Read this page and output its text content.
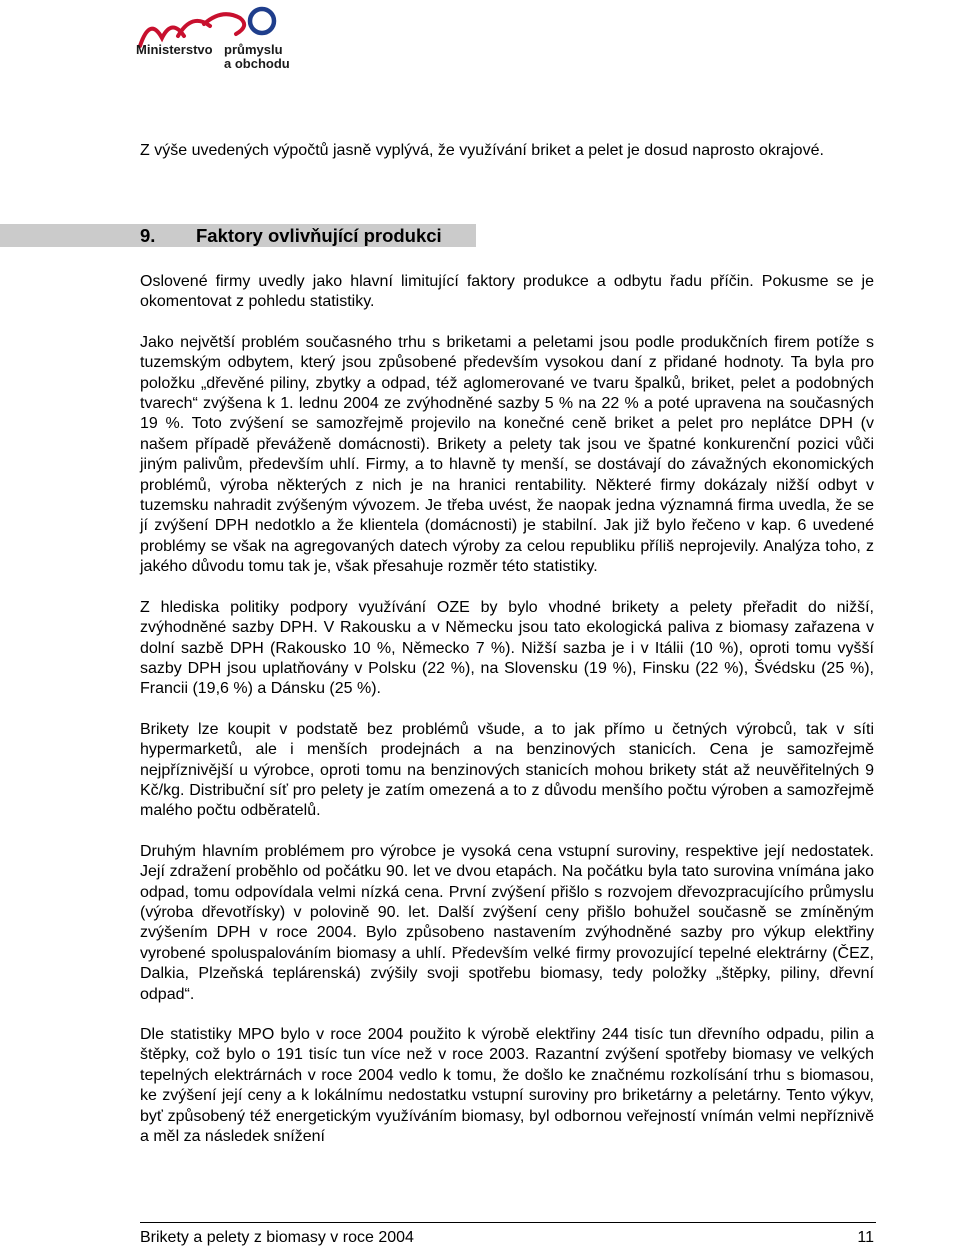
Ministerstvo průmyslu
a obchodu

Z výše uvedených výpočtů jasně vyplývá, že využívání briket a pelet je dosud naprosto okrajové.

9. Faktory ovlivňující produkci

Oslovené firmy uvedly jako hlavní limitující faktory produkce a odbytu řadu příčin. Pokusme se je okomentovat z pohledu statistiky.

Jako největší problém současného trhu s briketami a peletami jsou podle produkčních firem potíže s tuzemským odbytem, který jsou způsobené především vysokou daní z přidané hodnoty. Ta byla pro položku „dřevěné piliny, zbytky a odpad, též aglomerované ve tvaru špalků, briket, pelet a podobných tvarech“ zvýšena k 1. lednu 2004 ze zvýhodněné sazby 5 % na 22 % a poté upravena na současných 19 %. Toto zvýšení se samozřejmě projevilo na konečné ceně briket a pelet pro neplátce DPH (v našem případě převáženě domácnosti). Brikety a pelety tak jsou ve špatné konkurenční pozici vůči jiným palivům, především uhlí. Firmy, a to hlavně ty menší, se dostávají do závažných ekonomických problémů, výroba některých z nich je na hranici rentability. Některé firmy dokázaly nižší odbyt v tuzemsku nahradit zvýšeným vývozem. Je třeba uvést, že naopak jedna významná firma uvedla, že se jí zvýšení DPH nedotklo a že klientela (domácnosti) je stabilní. Jak již bylo řečeno v kap. 6 uvedené problémy se však na agregovaných datech výroby za celou republiku příliš neprojevily. Analýza toho, z jakého důvodu tomu tak je, však přesahuje rozměr této statistiky.

Z hlediska politiky podpory využívání OZE by bylo vhodné brikety a pelety přeřadit do nižší, zvýhodněné sazby DPH. V Rakousku a v Německu jsou tato ekologická paliva z biomasy zařazena v dolní sazbě DPH (Rakousko 10 %, Německo 7 %). Nižší sazba je i v Itálii (10 %), oproti tomu vyšší sazby DPH jsou uplatňovány v Polsku (22 %), na Slovensku (19 %), Finsku (22 %), Švédsku (25 %), Francii (19,6 %) a Dánsku (25 %).

Brikety lze koupit v podstatě bez problémů všude, a to jak přímo u četných výrobců, tak v síti hypermarketů, ale i menších prodejnách a na benzinových stanicích. Cena je samozřejmě nejpříznivější u výrobce, oproti tomu na benzinových stanicích mohou brikety stát až neuvěřitelných 9 Kč/kg. Distribuční síť pro pelety je zatím omezená a to z důvodu menšího počtu výroben a samozřejmě malého počtu odběratelů.

Druhým hlavním problémem pro výrobce je vysoká cena vstupní suroviny, respektive její nedostatek. Její zdražení proběhlo od počátku 90. let ve dvou etapách. Na počátku byla tato surovina vnímána jako odpad, tomu odpovídala velmi nízká cena. První zvýšení přišlo s rozvojem dřevozpracujícího průmyslu (výroba dřevotřísky) v polovině 90. let. Další zvýšení ceny přišlo bohužel současně se zmíněným zvýšením DPH v roce 2004. Bylo způsobeno nastavením zvýhodněné sazby pro výkup elektřiny vyrobené spoluspalováním biomasy a uhlí. Především velké firmy provozující tepelné elektrárny (ČEZ, Dalkia, Plzeňská teplárenská) zvýšily svoji spotřebu biomasy, tedy položky „štěpky, piliny, dřevní odpad“.

Dle statistiky MPO bylo v roce 2004 použito k výrobě elektřiny 244 tisíc tun dřevního odpadu, pilin a štěpky, což bylo o 191 tisíc tun více než v roce 2003. Razantní zvýšení spotřeby biomasy ve velkých tepelných elektrárnách v roce 2004 vedlo k tomu, že došlo ke značnému rozkolísání trhu s biomasou, ke zvýšení její ceny a k lokálnímu nedostatku vstupní suroviny pro briketárny a peletárny. Tento výkyv, byť způsobený též energetickým využíváním biomasy, byl odbornou veřejností vnímán velmi nepříznivě a měl za následek snížení

Brikety a pelety z biomasy v roce 2004	11
